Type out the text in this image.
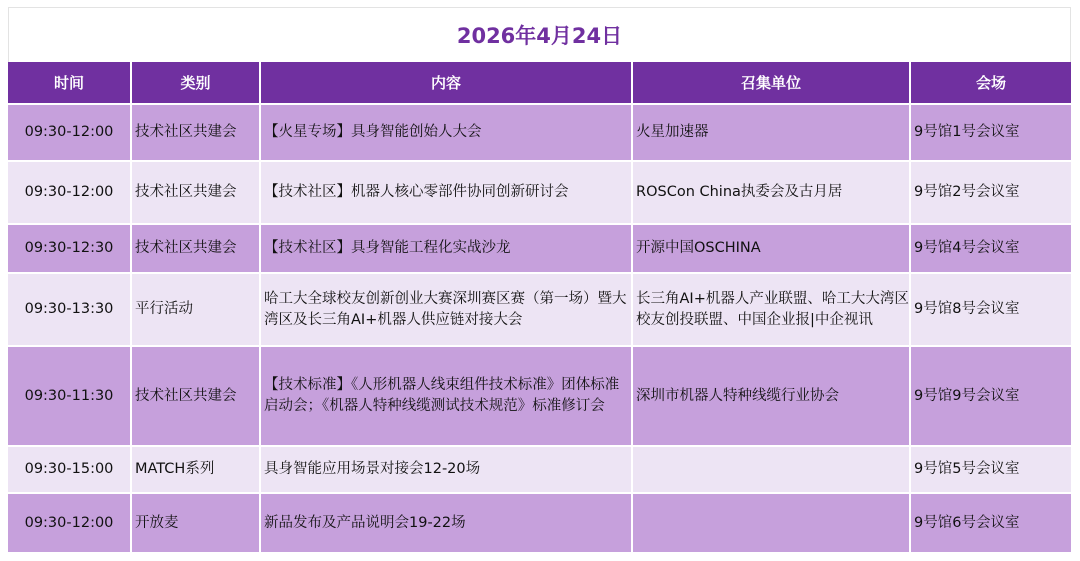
2026年4月24日
时间	类别	内容	召集单位	会场
09:30-12:00	技术社区共建会	【火星专场】具身智能创始人大会	火星加速器	9号馆1号会议室
09:30-12:00	技术社区共建会	【技术社区】机器人核心零部件协同创新研讨会	ROSCon China执委会及古月居	9号馆2号会议室
09:30-12:30	技术社区共建会	【技术社区】具身智能工程化实战沙龙	开源中国OSCHINA	9号馆4号会议室
09:30-13:30	平行活动	哈工大全球校友创新创业大赛深圳赛区赛（第一场）暨大湾区及长三角AI+机器人供应链对接大会	长三角AI+机器人产业联盟、哈工大大湾区校友创投联盟、中国企业报|中企视讯	9号馆8号会议室
09:30-11:30	技术社区共建会	【技术标准】《人形机器人线束组件技术标准》团体标准启动会；《机器人特种线缆测试技术规范》标准修订会	深圳市机器人特种线缆行业协会	9号馆9号会议室
09:30-15:00	MATCH系列	具身智能应用场景对接会12-20场		9号馆5号会议室
09:30-12:00	开放麦	新品发布及产品说明会19-22场		9号馆6号会议室
